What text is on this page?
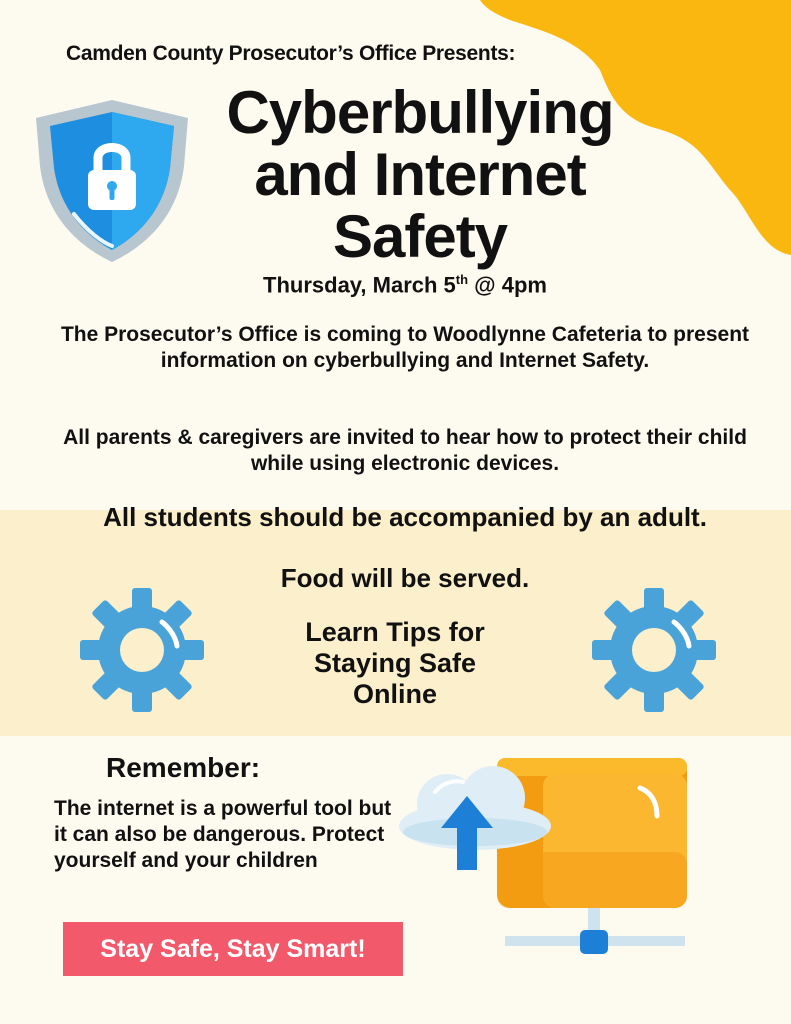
Camden County Prosecutor’s Office Presents:
Cyberbullying
and Internet
Safety
Thursday, March 5th @ 4pm
The Prosecutor’s Office is coming to Woodlynne Cafeteria to present information on cyberbullying and Internet Safety.
All parents & caregivers are invited to hear how to protect their child while using electronic devices.
All students should be accompanied by an adult.
Food will be served.
Learn Tips for
Staying Safe
Online
Remember:
The internet is a powerful tool but it can also be dangerous. Protect yourself and your children
Stay Safe, Stay Smart!
